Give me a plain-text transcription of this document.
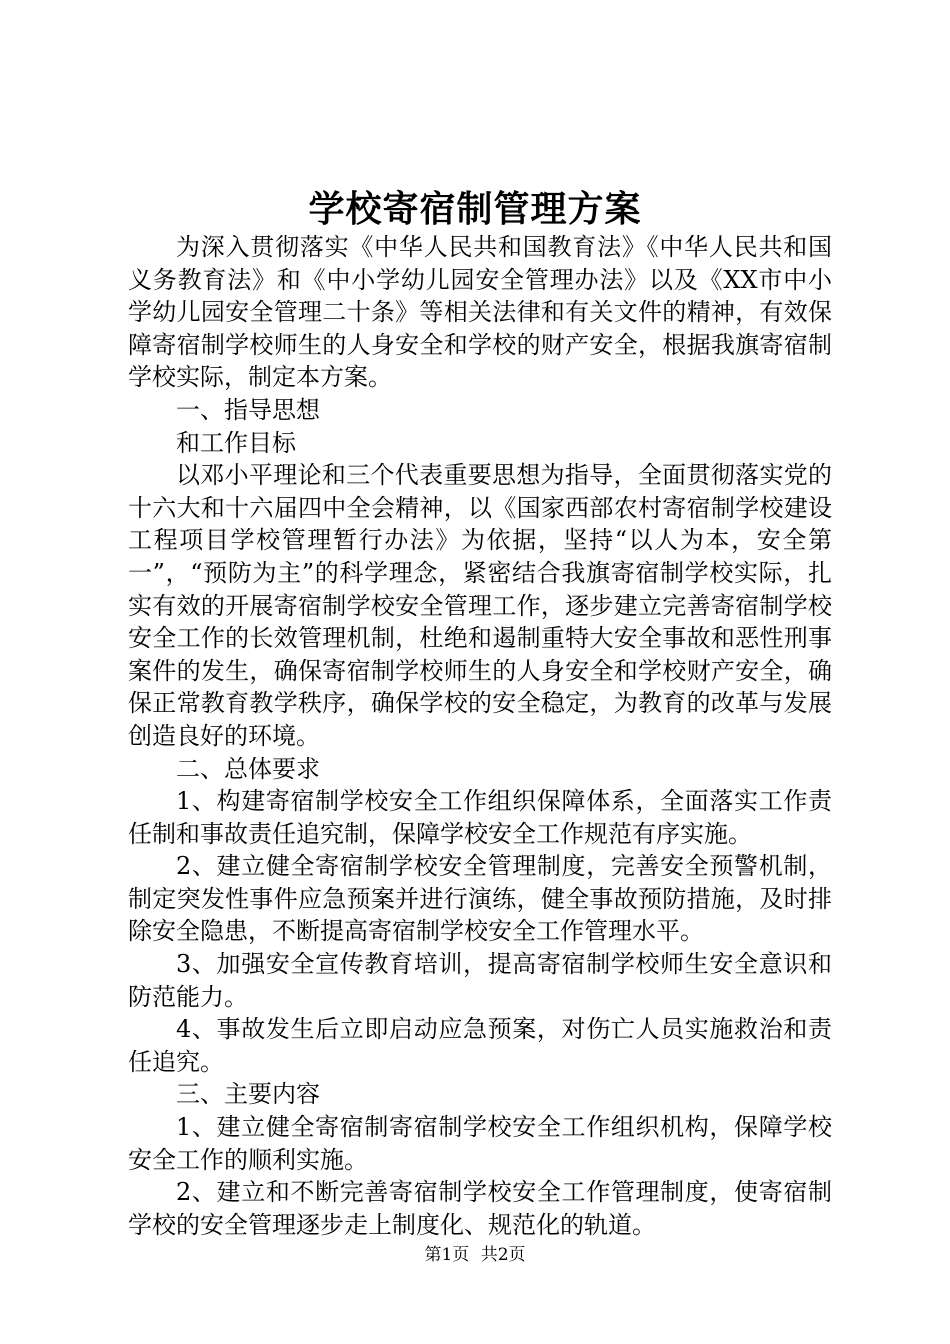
学校寄宿制管理方案

为深入贯彻落实《中华人民共和国教育法》《中华人民共和国义务教育法》和《中小学幼儿园安全管理办法》以及《XX市中小学幼儿园安全管理二十条》等相关法律和有关文件的精神，有效保障寄宿制学校师生的人身安全和学校的财产安全，根据我旗寄宿制学校实际，制定本方案。

一、指导思想

和工作目标

以邓小平理论和三个代表重要思想为指导，全面贯彻落实党的十六大和十六届四中全会精神，以《国家西部农村寄宿制学校建设工程项目学校管理暂行办法》为依据，坚持“以人为本，安全第一”，“预防为主”的科学理念，紧密结合我旗寄宿制学校实际，扎实有效的开展寄宿制学校安全管理工作，逐步建立完善寄宿制学校安全工作的长效管理机制，杜绝和遏制重特大安全事故和恶性刑事案件的发生，确保寄宿制学校师生的人身安全和学校财产安全，确保正常教育教学秩序，确保学校的安全稳定，为教育的改革与发展创造良好的环境。

二、总体要求

1、构建寄宿制学校安全工作组织保障体系，全面落实工作责任制和事故责任追究制，保障学校安全工作规范有序实施。

2、建立健全寄宿制学校安全管理制度，完善安全预警机制，制定突发性事件应急预案并进行演练，健全事故预防措施，及时排除安全隐患，不断提高寄宿制学校安全工作管理水平。

3、加强安全宣传教育培训，提高寄宿制学校师生安全意识和防范能力。

4、事故发生后立即启动应急预案，对伤亡人员实施救治和责任追究。

三、主要内容

1、建立健全寄宿制寄宿制学校安全工作组织机构，保障学校安全工作的顺利实施。

2、建立和不断完善寄宿制学校安全工作管理制度，使寄宿制学校的安全管理逐步走上制度化、规范化的轨道。

第1页 共2页
